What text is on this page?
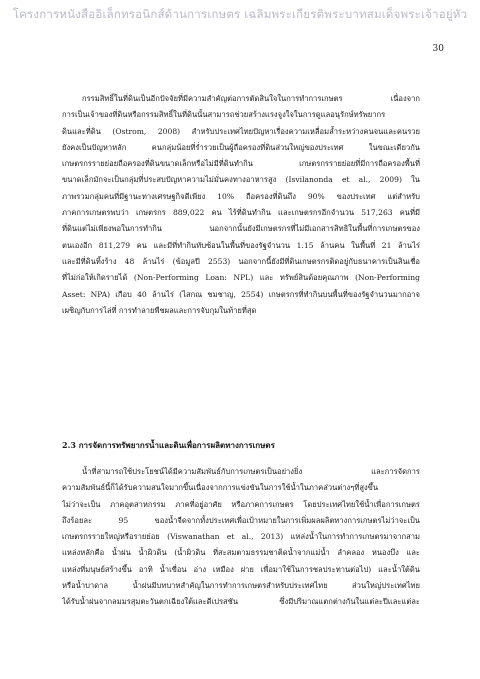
โครงการหนังสืออิเล็กทรอนิกส์ด้านการเกษตร เฉลิมพระเกียรติพระบาทสมเด็จพระเจ้าอยู่หัว
30
กรรมสิทธิ์ในที่ดินเป็นอีกปัจจัยที่มีความสำคัญต่อการตัดสินใจในการทำการเกษตร เนื่องจาก
การเป็นเจ้าของที่ดินหรือกรรมสิทธิ์ในที่ดินนั้นสามารถช่วยสร้างแรงจูงใจในการดูแลอนุรักษ์ทรัพยากร
ดินและที่ดิน (Ostrom, 2008) สำหรับประเทศไทยปัญหาเรื่องความเหลื่อมล้ำระหว่างคนจนและคนรวย
ยังคงเป็นปัญหาหลัก คนกลุ่มน้อยที่ร่ำรวยเป็นผู้ถือครองที่ดินส่วนใหญ่ของประเทศ ในขณะเดียวกัน
เกษตรกรรายย่อยถือครองที่ดินขนาดเล็กหรือไม่มีที่ดินทำกิน เกษตรกรรายย่อยที่มีการถือครองพื้นที่
ขนาดเล็กมักจะเป็นกลุ่มที่ประสบปัญหาความไม่มั่นคงทางอาหารสูง (Isvilanonda et al., 2009) ใน
ภาพรวมกลุ่มคนที่มีฐานะทางเศรษฐกิจดีเพียง 10% ถือครองที่ดินถึง 90% ของประเทศ แต่สำหรับ
ภาคการเกษตรพบว่า เกษตรกร 889,022 คน ไร้ที่ดินทำกิน และเกษตรกรอีกจำนวน 517,263 คนที่มี
ที่ดินแต่ไม่เพียงพอในการทำกิน นอกจากนั้นยังมีเกษตรกรที่ไม่มีเอกสารสิทธิในพื้นที่การเกษตรของ
ตนเองอีก 811,279 คน และมีที่ทำกินทับซ้อนในพื้นที่ของรัฐจำนวน 1.15 ล้านคน ในพื้นที่ 21 ล้านไร่
และมีที่ดินทิ้งร้าง 48 ล้านไร่ (ข้อมูลปี 2553) นอกจากนี้ยังมีที่ดินเกษตรกรติดอยู่กับธนาคารเป็นสินเชื่อ
ที่ไม่ก่อให้เกิดรายได้ (Non-Performing Loan: NPL) และ ทรัพย์สินด้อยคุณภาพ (Non-Performing
Asset: NPA) เกือบ 40 ล้านไร่ (ไสกณ ชมชาญ, 2554) เกษตรกรที่ทำกินบนพื้นที่ของรัฐจำนวนมากอาจ
เผชิญกับการไล่ที่ การทำลายพืชผลและการจับกุมในท้ายที่สุด
2.3 การจัดการทรัพยากรน้ำและดินเพื่อการผลิตทางการเกษตร
น้ำที่สามารถใช้ประโยชน์ได้มีความสัมพันธ์กับการเกษตรเป็นอย่างยิ่ง และการจัดการ
ความสัมพันธ์นี้ก็ได้รับความสนใจมากขึ้นเนื่องจากการแข่งขันในการใช้น้ำในภาคส่วนต่างๆที่สูงขึ้น
ไม่ว่าจะเป็น ภาคอุตสาหกรรม ภาคที่อยู่อาศัย หรือภาคการเกษตร โดยประเทศไทยใช้น้ำเพื่อการเกษตร
ถึงร้อยละ 95 ของน้ำจืดจากทั้งประเทศเพื่อเป้าหมายในการเพิ่มผลผลิตทางการเกษตรไม่ว่าจะเป็น
เกษตรกรรายใหญ่หรือรายย่อย (Viswanathan et al., 2013) แหล่งน้ำในการทำการเกษตรมาจากสาม
แหล่งหลักคือ น้ำฝน น้ำผิวดิน (น้ำผิวดิน ที่สะสมตามธรรมชาติดน้ำจากแม่น้ำ ลำคลอง หนองบึง และ
แหล่งที่มนุษย์สร้างขึ้น อาทิ น้ำเขื่อน อ่าง เหมือง ฝาย เพื่อมาใช้ในการชลประทานต่อไป) และน้ำใต้ดิน
หรือน้ำบาดาล น้ำฝนมีบทบาทสำคัญในการทำการเกษตรสำหรับประเทศไทย ส่วนใหญ่ประเทศไทย
ได้รับน้ำฝนจากลมมรสุมตะวันตกเฉียงใต้และดีเปรสชัน ซึ่งมีปริมาณแตกต่างกันในแต่ละปีและแต่ละ
